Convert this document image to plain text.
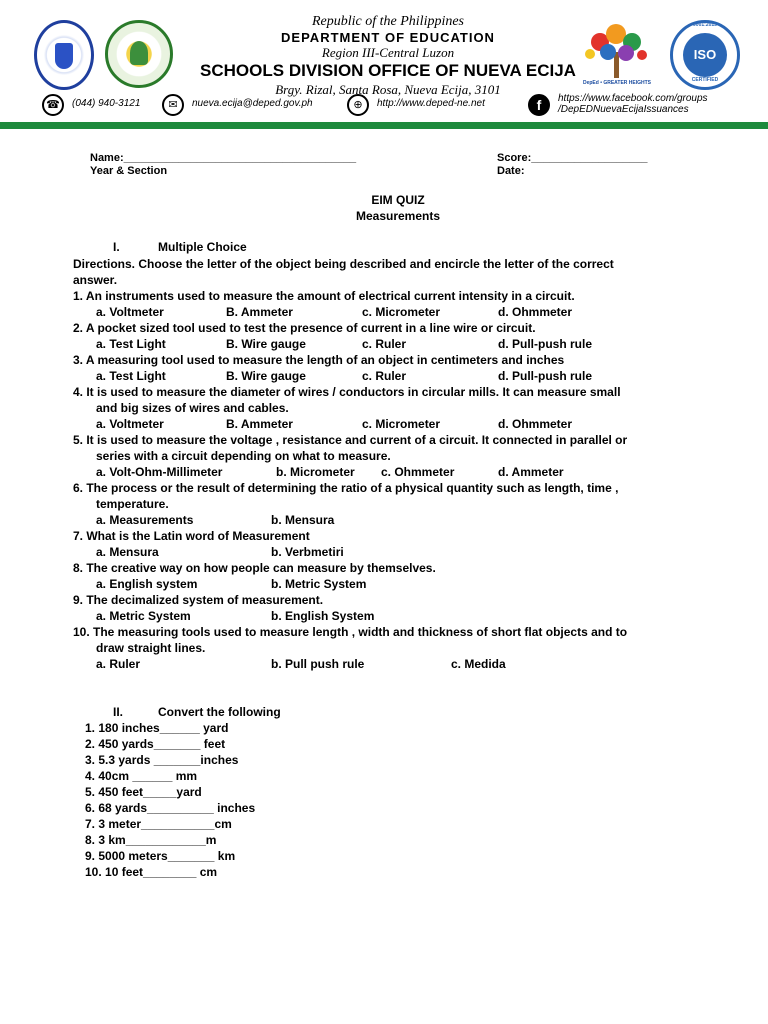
Republic of the Philippines
DEPARTMENT OF EDUCATION
Region III-Central Luzon
SCHOOLS DIVISION OFFICE OF NUEVA ECIJA
Brgy. Rizal, Santa Rosa, Nueva Ecija, 3101	DepEd • GREATER HEIGHTS
9001:2015
ISO
CERTIFIED
☎	(044) 940-3121	✉	nueva.ecija@deped.gov.ph	⊕	http://www.deped-ne.net	f	https://www.facebook.com/groups
/DepEDNuevaEcijaIssuances
Name:______________________________________	Score:___________________
Year & Section	Date:
EIM QUIZ
Measurements
I.	Multiple Choice
Directions. Choose the letter of the object being described and encircle the letter of the correct
answer.
1. An instruments used to measure the amount of electrical current intensity in a circuit.
a. Voltmeter	B. Ammeter	c. Micrometer	d. Ohmmeter
2. A pocket sized tool used to test the presence of current in a line wire or circuit.
a. Test Light	B. Wire gauge	c. Ruler	d. Pull-push rule
3. A measuring tool used to measure the length of an object in centimeters and inches
a. Test Light	B. Wire gauge	c. Ruler	d. Pull-push rule
4. It is used to measure the diameter of wires / conductors in circular mills. It can measure small
and big sizes of wires and cables.
a. Voltmeter	B. Ammeter	c. Micrometer	d. Ohmmeter
5. It is used to measure the voltage , resistance and current of a circuit. It connected in parallel or
series with a circuit depending on what to measure.
a. Volt-Ohm-Millimeter	b. Micrometer c. Ohmmeter	d. Ammeter
6. The process or the result of determining the ratio of a physical quantity such as length, time ,
temperature.
a. Measurements	b. Mensura
7. What is the Latin word of Measurement
a. Mensura	b. Verbmetiri
8. The creative way on how people can measure by themselves.
a. English system	b. Metric System
9. The decimalized system of measurement.
a. Metric System	b. English System
10. The measuring tools used to measure length , width and thickness of short flat objects and to
draw straight lines.
a. Ruler	b. Pull push rule	c. Medida
II.	Convert the following
1. 180 inches______ yard
2. 450 yards_______ feet
3. 5.3 yards _______inches
4. 40cm ______ mm
5. 450 feet_____yard
6. 68 yards__________ inches
7. 3 meter___________cm
8. 3 km____________m
9. 5000 meters_______ km
10. 10 feet________ cm
